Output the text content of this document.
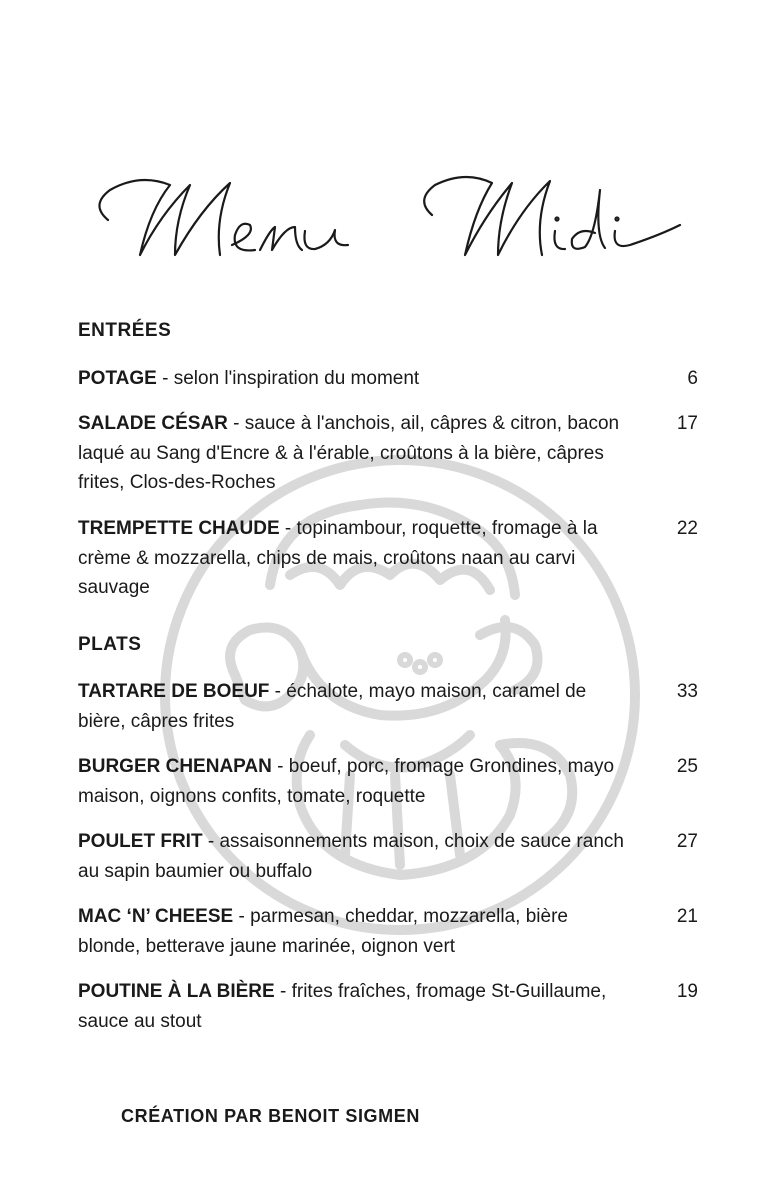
ENTRÉES
POTAGE - selon l'inspiration du moment	6
SALADE CÉSAR - sauce à l'anchois, ail, câpres & citron, bacon laqué au Sang d'Encre & à l'érable, croûtons à la bière, câpres frites, Clos-des-Roches
17
TREMPETTE CHAUDE - topinambour, roquette, fromage à la crème & mozzarella, chips de mais, croûtons naan au carvi sauvage
22
PLATS
TARTARE DE BOEUF - échalote, mayo maison, caramel de bière, câpres frites
33
BURGER CHENAPAN - boeuf, porc, fromage Grondines, mayo maison, oignons confits, tomate, roquette
25
POULET FRIT - assaisonnements maison, choix de sauce ranch au sapin baumier ou buffalo
27
MAC ‘N’ CHEESE - parmesan, cheddar, mozzarella, bière blonde, betterave jaune marinée, oignon vert
21
POUTINE À LA BIÈRE - frites fraîches, fromage St-Guillaume, sauce au stout
19
CRÉATION PAR BENOIT SIGMEN
